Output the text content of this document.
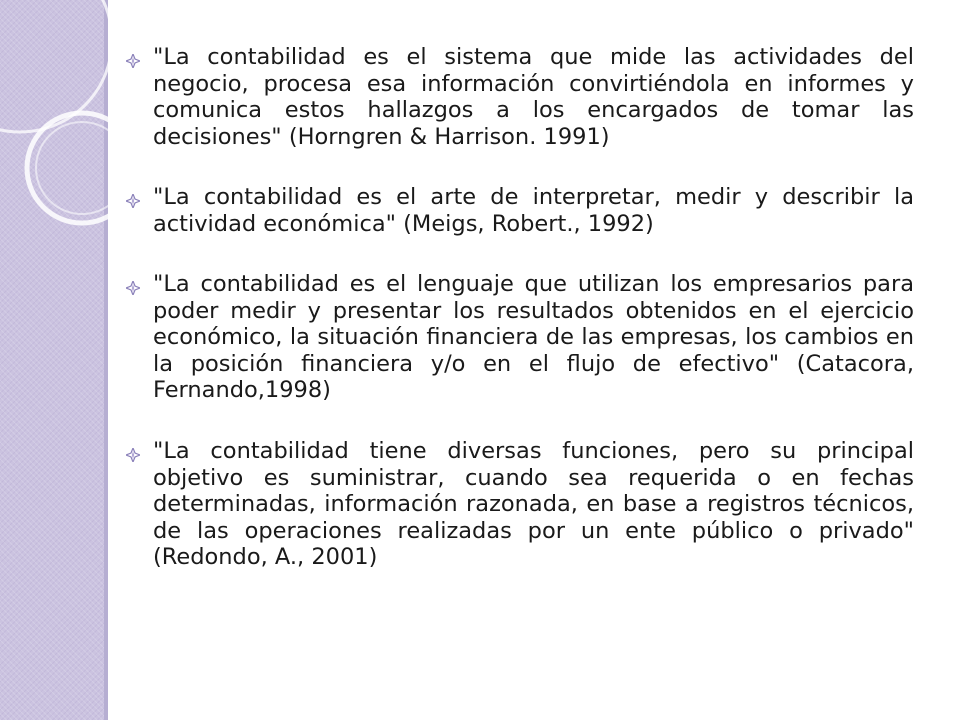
"La contabilidad es el sistema que mide las actividades del negocio, procesa esa información convirtiéndola en informes y comunica estos hallazgos a los encargados de tomar las decisiones" (Horngren & Harrison. 1991)

"La contabilidad es el arte de interpretar, medir y describir la actividad económica" (Meigs, Robert., 1992)

"La contabilidad es el lenguaje que utilizan los empresarios para poder medir y presentar los resultados obtenidos en el ejercicio económico, la situación financiera de las empresas, los cambios en la posición financiera y/o en el flujo de efectivo" (Catacora, Fernando,1998)

"La contabilidad tiene diversas funciones, pero su principal objetivo es suministrar, cuando sea requerida o en fechas determinadas, información razonada, en base a registros técnicos, de las operaciones realizadas por un ente público o privado" (Redondo, A., 2001)
